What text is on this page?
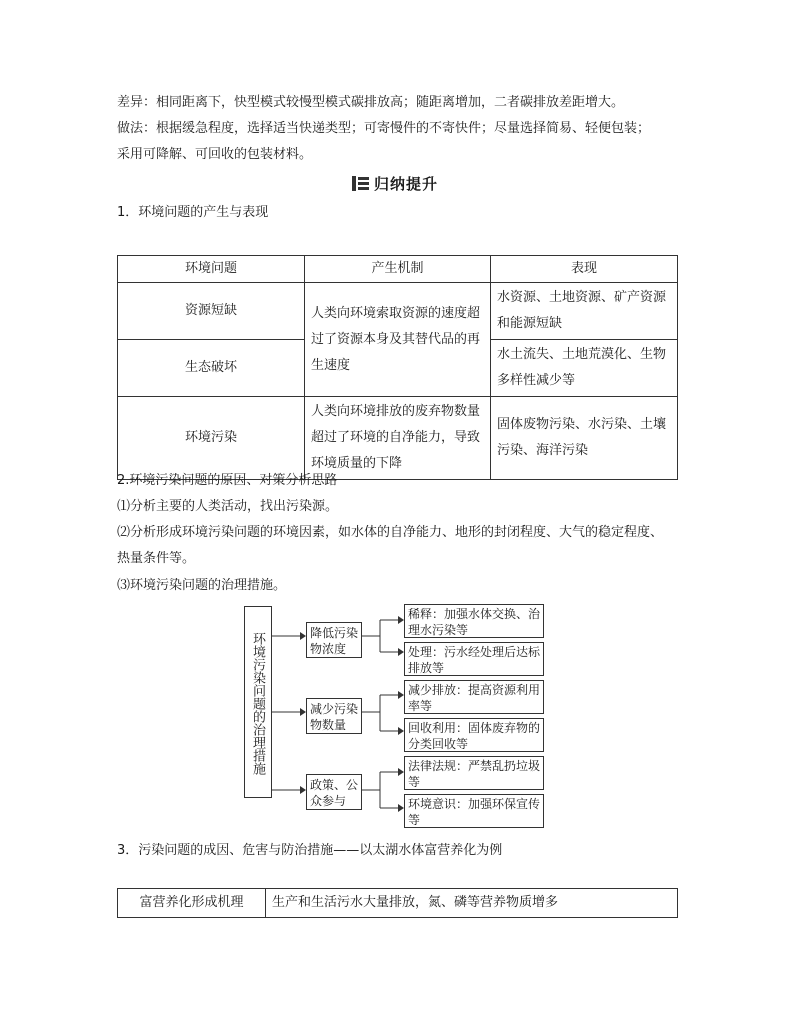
差异：相同距离下，快型模式较慢型模式碳排放高；随距离增加，二者碳排放差距增大。
做法：根据缓急程度，选择适当快递类型；可寄慢件的不寄快件；尽量选择简易、轻便包装；
采用可降解、可回收的包装材料。
归纳提升
1．环境问题的产生与表现
环境问题	产生机制	表现
资源短缺	人类向环境索取资源的速度超过了资源本身及其替代品的再生速度	水资源、土地资源、矿产资源和能源短缺
生态破坏		水土流失、土地荒漠化、生物多样性减少等
环境污染	人类向环境排放的废弃物数量超过了环境的自净能力，导致环境质量的下降	固体废物污染、水污染、土壤污染、海洋污染
2.环境污染问题的原因、对策分析思路
⑴分析主要的人类活动，找出污染源。
⑵分析形成环境污染问题的环境因素，如水体的自净能力、地形的封闭程度、大气的稳定程度、
热量条件等。
⑶环境污染问题的治理措施。
环境污染问题的治理措施	降低污染物浓度
减少污染物数量
政策、公众参与
稀释：加强水体交换、治理水污染等
处理：污水经处理后达标排放等
减少排放：提高资源利用率等
回收利用：固体废弃物的分类回收等
法律法规：严禁乱扔垃圾等
环境意识：加强环保宣传等
3．污染问题的成因、危害与防治措施——以太湖水体富营养化为例
富营养化形成机理	生产和生活污水大量排放，氮、磷等营养物质增多
